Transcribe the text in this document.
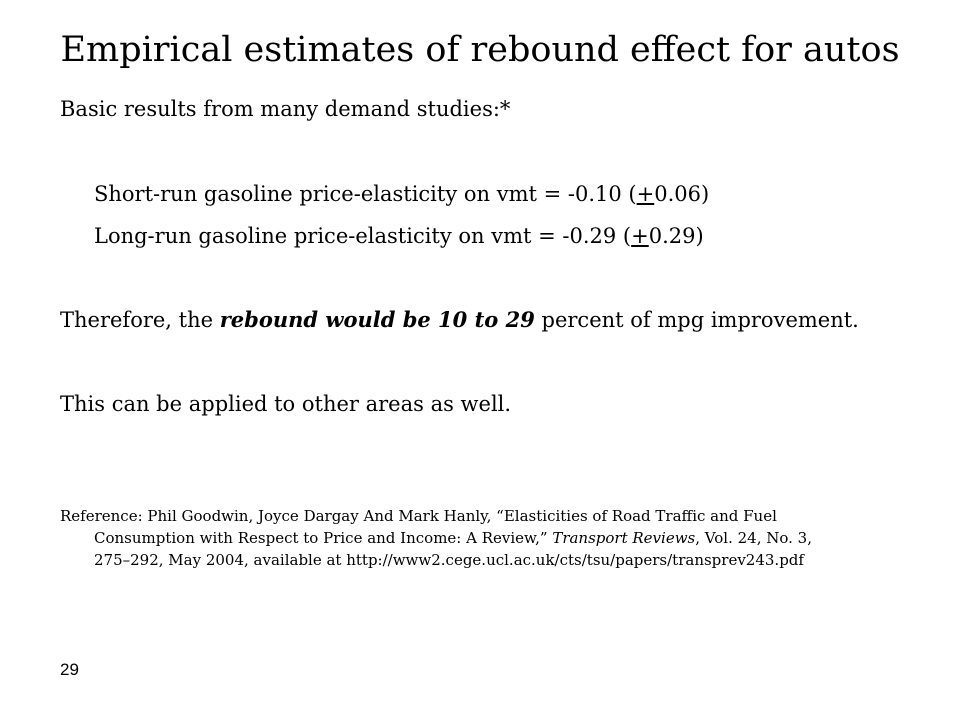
Empirical estimates of rebound effect for autos
Basic results from many demand studies:*
Short-run gasoline price-elasticity on vmt = -0.10 (+0.06)
Long-run gasoline price-elasticity on vmt = -0.29 (+0.29)
Therefore, the rebound would be 10 to 29 percent of mpg improvement.
This can be applied to other areas as well.
Reference: Phil Goodwin, Joyce Dargay And Mark Hanly, “Elasticities of Road Traffic and Fuel
Consumption with Respect to Price and Income: A Review,” Transport Reviews, Vol. 24, No. 3,
275–292, May 2004, available at http://www2.cege.ucl.ac.uk/cts/tsu/papers/transprev243.pdf
29
